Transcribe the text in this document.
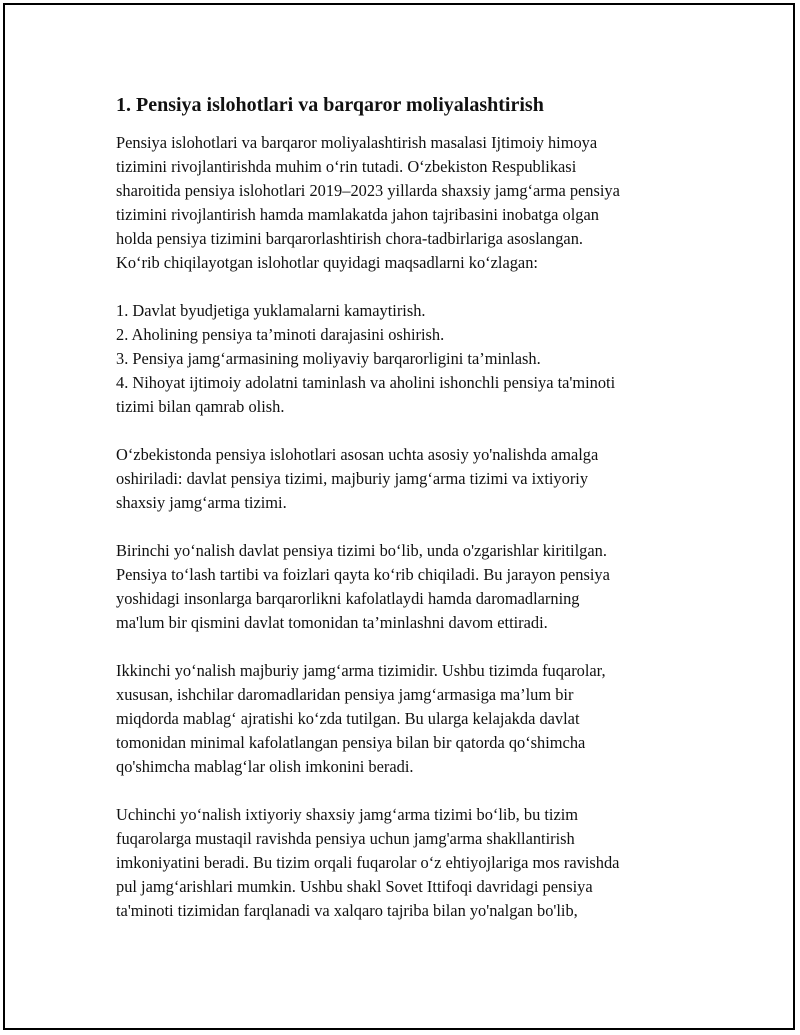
1. Pensiya islohotlari va barqaror moliyalashtirish

Pensiya islohotlari va barqaror moliyalashtirish masalasi Ijtimoiy himoya
tizimini rivojlantirishda muhim oʻrin tutadi. Oʻzbekiston Respublikasi
sharoitida pensiya islohotlari 2019–2023 yillarda shaxsiy jamgʻarma pensiya
tizimini rivojlantirish hamda mamlakatda jahon tajribasini inobatga olgan
holda pensiya tizimini barqarorlashtirish chora-tadbirlariga asoslangan.
Koʻrib chiqilayotgan islohotlar quyidagi maqsadlarni koʻzlagan:

1. Davlat byudjetiga yuklamalarni kamaytirish.
2. Aholining pensiya ta’minoti darajasini oshirish.
3. Pensiya jamgʻarmasining moliyaviy barqarorligini ta’minlash.
4. Nihoyat ijtimoiy adolatni taminlash va aholini ishonchli pensiya ta'minoti
tizimi bilan qamrab olish.

Oʻzbekistonda pensiya islohotlari asosan uchta asosiy yo'nalishda amalga
oshiriladi: davlat pensiya tizimi, majburiy jamgʻarma tizimi va ixtiyoriy
shaxsiy jamgʻarma tizimi.

Birinchi yoʻnalish davlat pensiya tizimi boʻlib, unda o'zgarishlar kiritilgan.
Pensiya toʻlash tartibi va foizlari qayta koʻrib chiqiladi. Bu jarayon pensiya
yoshidagi insonlarga barqarorlikni kafolatlaydi hamda daromadlarning
ma'lum bir qismini davlat tomonidan ta’minlashni davom ettiradi.

Ikkinchi yoʻnalish majburiy jamgʻarma tizimidir. Ushbu tizimda fuqarolar,
xususan, ishchilar daromadlaridan pensiya jamgʻarmasiga ma’lum bir
miqdorda mablagʻ ajratishi koʻzda tutilgan. Bu ularga kelajakda davlat
tomonidan minimal kafolatlangan pensiya bilan bir qatorda qoʻshimcha
qo'shimcha mablagʻlar olish imkonini beradi.

Uchinchi yoʻnalish ixtiyoriy shaxsiy jamgʻarma tizimi boʻlib, bu tizim
fuqarolarga mustaqil ravishda pensiya uchun jamg'arma shakllantirish
imkoniyatini beradi. Bu tizim orqali fuqarolar oʻz ehtiyojlariga mos ravishda
pul jamgʻarishlari mumkin. Ushbu shakl Sovet Ittifoqi davridagi pensiya
ta'minoti tizimidan farqlanadi va xalqaro tajriba bilan yo'nalgan bo'lib,
